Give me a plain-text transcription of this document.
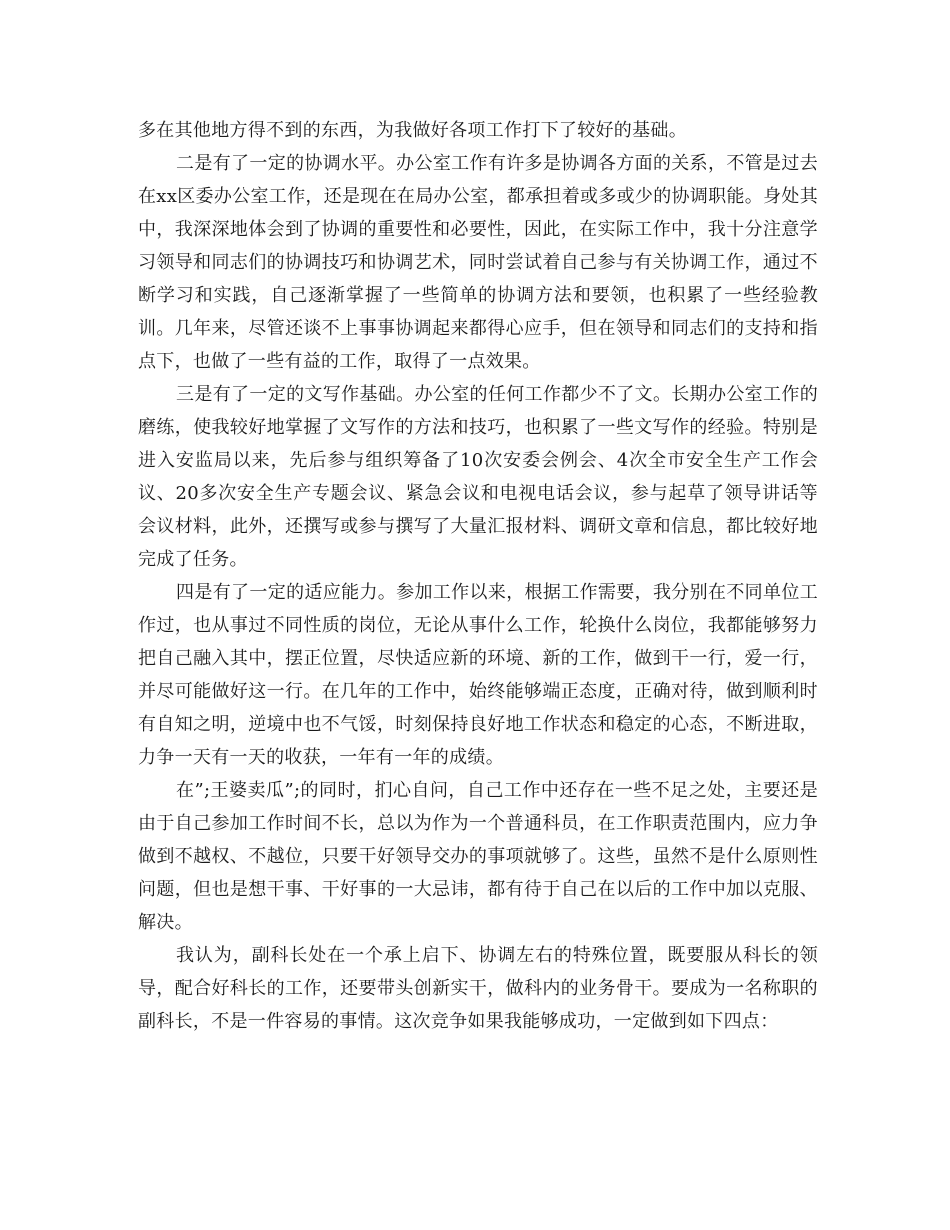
多在其他地方得不到的东西，为我做好各项工作打下了较好的基础。

二是有了一定的协调水平。办公室工作有许多是协调各方面的关系，不管是过去在xx区委办公室工作，还是现在在局办公室，都承担着或多或少的协调职能。身处其中，我深深地体会到了协调的重要性和必要性，因此，在实际工作中，我十分注意学习领导和同志们的协调技巧和协调艺术，同时尝试着自己参与有关协调工作，通过不断学习和实践，自己逐渐掌握了一些简单的协调方法和要领，也积累了一些经验教训。几年来，尽管还谈不上事事协调起来都得心应手，但在领导和同志们的支持和指点下，也做了一些有益的工作，取得了一点效果。

三是有了一定的文写作基础。办公室的任何工作都少不了文。长期办公室工作的磨练，使我较好地掌握了文写作的方法和技巧，也积累了一些文写作的经验。特别是进入安监局以来，先后参与组织筹备了10次安委会例会、4次全市安全生产工作会议、20多次安全生产专题会议、紧急会议和电视电话会议，参与起草了领导讲话等会议材料，此外，还撰写或参与撰写了大量汇报材料、调研文章和信息，都比较好地完成了任务。

四是有了一定的适应能力。参加工作以来，根据工作需要，我分别在不同单位工作过，也从事过不同性质的岗位，无论从事什么工作，轮换什么岗位，我都能够努力把自己融入其中，摆正位置，尽快适应新的环境、新的工作，做到干一行，爱一行，并尽可能做好这一行。在几年的工作中，始终能够端正态度，正确对待，做到顺利时有自知之明，逆境中也不气馁，时刻保持良好地工作状态和稳定的心态，不断进取，力争一天有一天的收获，一年有一年的成绩。

在”;王婆卖瓜”;的同时，扪心自问，自己工作中还存在一些不足之处，主要还是由于自己参加工作时间不长，总以为作为一个普通科员，在工作职责范围内，应力争做到不越权、不越位，只要干好领导交办的事项就够了。这些，虽然不是什么原则性问题，但也是想干事、干好事的一大忌讳，都有待于自己在以后的工作中加以克服、解决。

我认为，副科长处在一个承上启下、协调左右的特殊位置，既要服从科长的领导，配合好科长的工作，还要带头创新实干，做科内的业务骨干。要成为一名称职的副科长，不是一件容易的事情。这次竞争如果我能够成功，一定做到如下四点：
